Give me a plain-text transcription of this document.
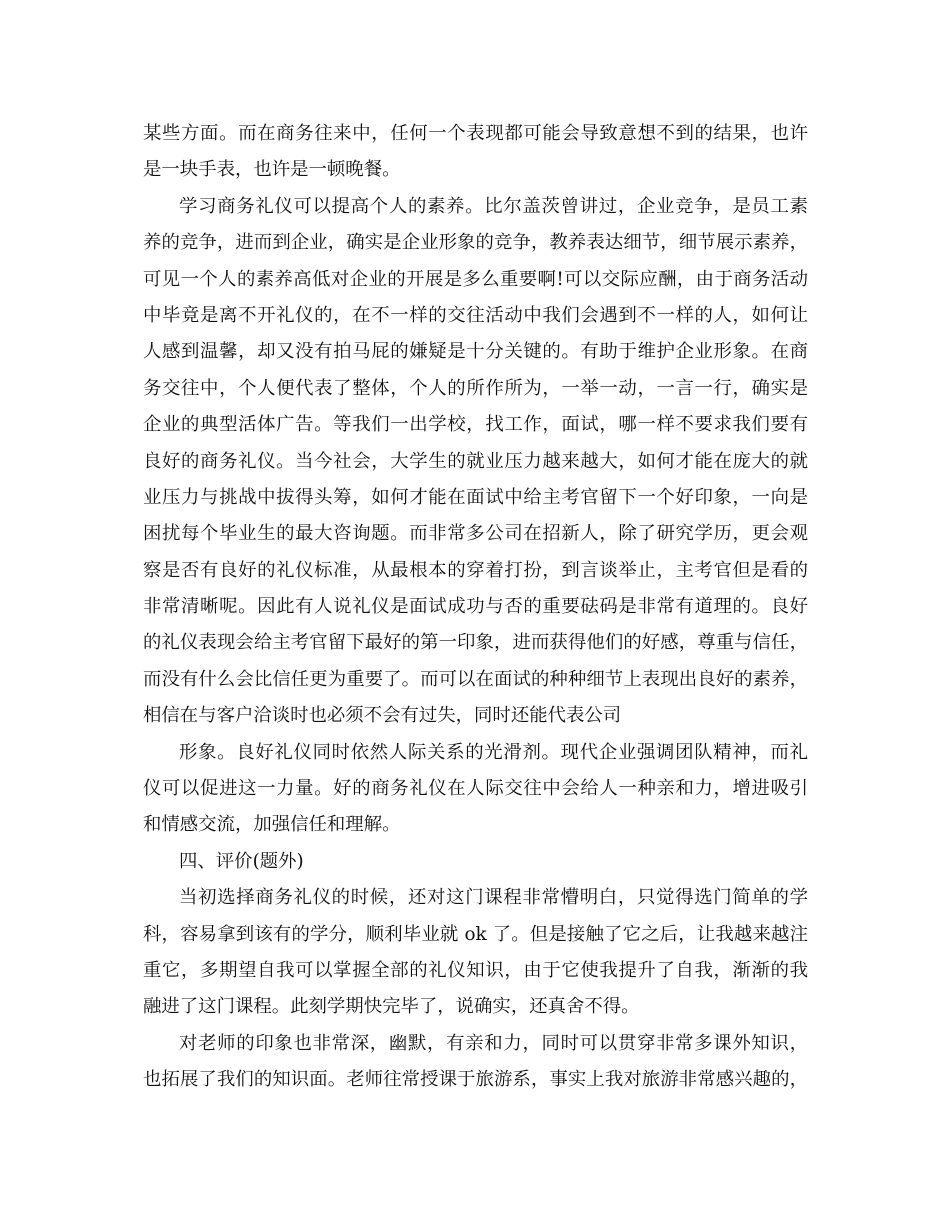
某些方面。而在商务往来中，任何一个表现都可能会导致意想不到的结果，也许
是一块手表，也许是一顿晚餐。
学习商务礼仪可以提高个人的素养。比尔盖茨曾讲过，企业竞争，是员工素
养的竞争，进而到企业，确实是企业形象的竞争，教养表达细节，细节展示素养，
可见一个人的素养高低对企业的开展是多么重要啊!可以交际应酬，由于商务活动
中毕竟是离不开礼仪的，在不一样的交往活动中我们会遇到不一样的人，如何让
人感到温馨，却又没有拍马屁的嫌疑是十分关键的。有助于维护企业形象。在商
务交往中，个人便代表了整体，个人的所作所为，一举一动，一言一行，确实是
企业的典型活体广告。等我们一出学校，找工作，面试，哪一样不要求我们要有
良好的商务礼仪。当今社会，大学生的就业压力越来越大，如何才能在庞大的就
业压力与挑战中拔得头筹，如何才能在面试中给主考官留下一个好印象，一向是
困扰每个毕业生的最大咨询题。而非常多公司在招新人，除了研究学历，更会观
察是否有良好的礼仪标准，从最根本的穿着打扮，到言谈举止，主考官但是看的
非常清晰呢。因此有人说礼仪是面试成功与否的重要砝码是非常有道理的。良好
的礼仪表现会给主考官留下最好的第一印象，进而获得他们的好感，尊重与信任，
而没有什么会比信任更为重要了。而可以在面试的种种细节上表现出良好的素养，
相信在与客户洽谈时也必须不会有过失，同时还能代表公司
形象。良好礼仪同时依然人际关系的光滑剂。现代企业强调团队精神，而礼
仪可以促进这一力量。好的商务礼仪在人际交往中会给人一种亲和力，增进吸引
和情感交流，加强信任和理解。
四、评价(题外)
当初选择商务礼仪的时候，还对这门课程非常懵明白，只觉得选门简单的学
科，容易拿到该有的学分，顺利毕业就 ok 了。但是接触了它之后，让我越来越注
重它，多期望自我可以掌握全部的礼仪知识，由于它使我提升了自我，渐渐的我
融进了这门课程。此刻学期快完毕了，说确实，还真舍不得。
对老师的印象也非常深，幽默，有亲和力，同时可以贯穿非常多课外知识，
也拓展了我们的知识面。老师往常授课于旅游系，事实上我对旅游非常感兴趣的，
